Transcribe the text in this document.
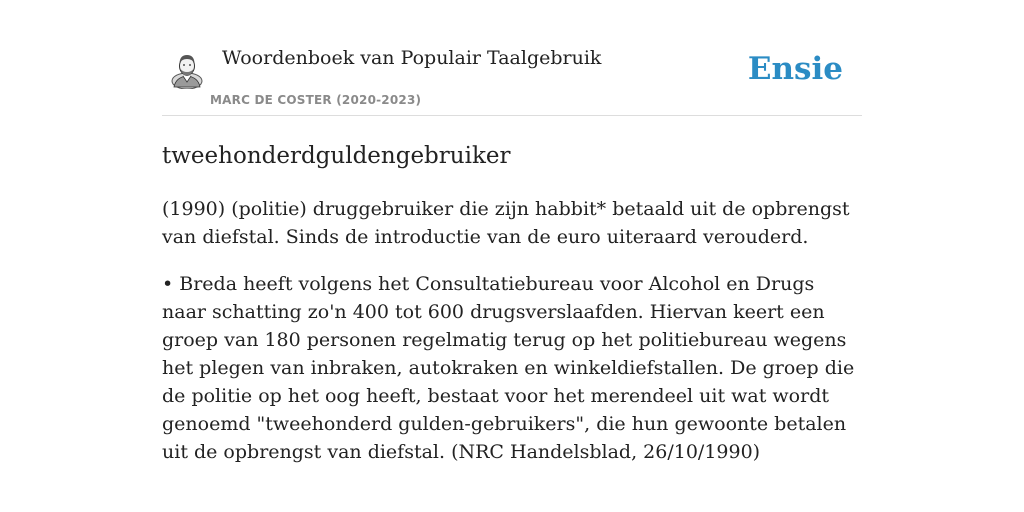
Woordenboek van Populair Taalgebruik
MARC DE COSTER (2020-2023)
Ensie
tweehonderdguldengebruiker

(1990) (politie) druggebruiker die zijn habbit* betaald uit de opbrengst van diefstal. Sinds de introductie van de euro uiteraard verouderd.

• Breda heeft volgens het Consultatiebureau voor Alcohol en Drugs naar schatting zo'n 400 tot 600 drugsverslaafden. Hiervan keert een groep van 180 personen regelmatig terug op het politiebureau wegens het plegen van inbraken, autokraken en winkeldiefstallen. De groep die de politie op het oog heeft, bestaat voor het merendeel uit wat wordt genoemd "tweehonderd gulden-gebruikers", die hun gewoonte betalen uit de opbrengst van diefstal. (NRC Handelsblad, 26/10/1990)
